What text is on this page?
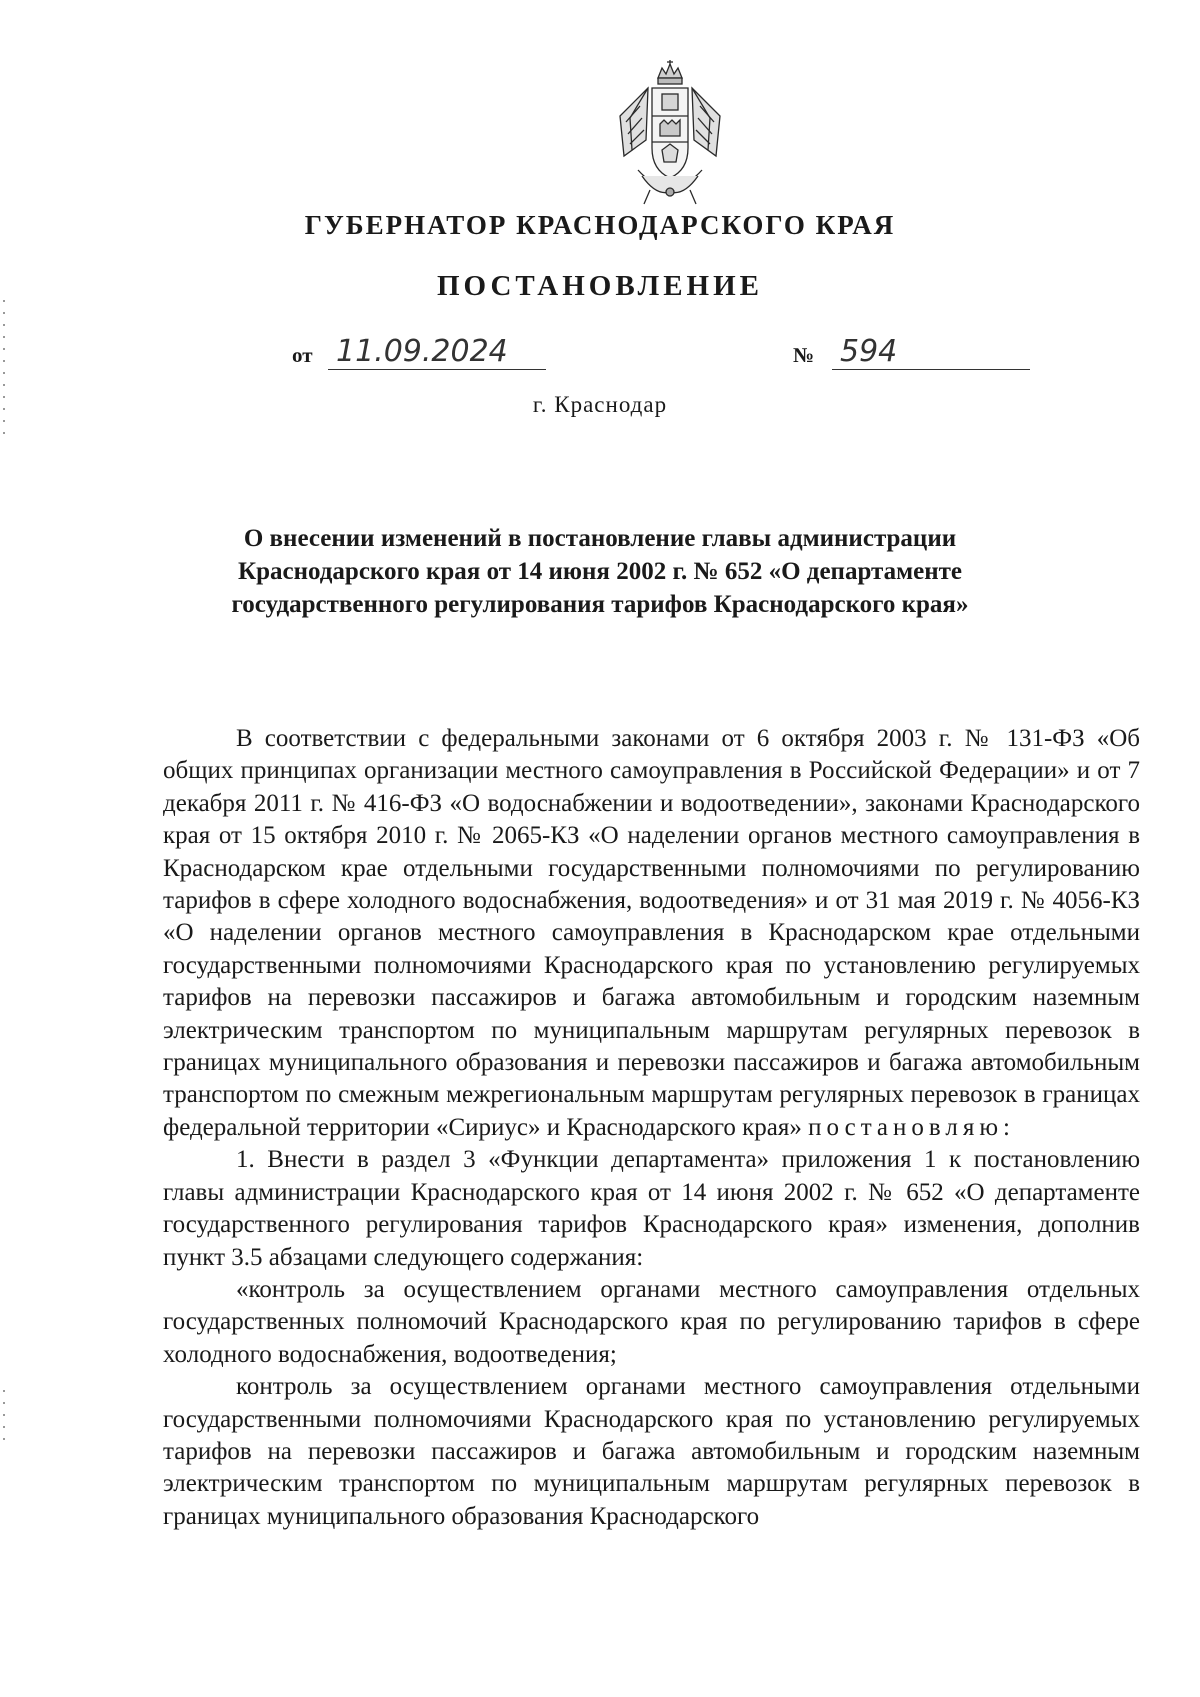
ГУБЕРНАТОР КРАСНОДАРСКОГО КРАЯ
ПОСТАНОВЛЕНИЕ
от 11.09.2024	№ 594

г. Краснодар

О внесении изменений в постановление главы администрации Краснодарского края от 14 июня 2002 г. № 652 «О департаменте государственного регулирования тарифов Краснодарского края»

В соответствии с федеральными законами от 6 октября 2003 г. № 131-ФЗ «Об общих принципах организации местного самоуправления в Российской Федерации» и от 7 декабря 2011 г. № 416-ФЗ «О водоснабжении и водоотведении», законами Краснодарского края от 15 октября 2010 г. № 2065-КЗ «О наделении органов местного самоуправления в Краснодарском крае отдельными государственными полномочиями по регулированию тарифов в сфере холодного водоснабжения, водоотведения» и от 31 мая 2019 г. № 4056-КЗ «О наделении органов местного самоуправления в Краснодарском крае отдельными государственными полномочиями Краснодарского края по установлению регулируемых тарифов на перевозки пассажиров и багажа автомобильным и городским наземным электрическим транспортом по муниципальным маршрутам регулярных перевозок в границах муниципального образования и перевозки пассажиров и багажа автомобильным транспортом по смежным межрегиональным маршрутам регулярных перевозок в границах федеральной территории «Сириус» и Краснодарского края» постановляю:

1. Внести в раздел 3 «Функции департамента» приложения 1 к постановлению главы администрации Краснодарского края от 14 июня 2002 г. № 652 «О департаменте государственного регулирования тарифов Краснодарского края» изменения, дополнив пункт 3.5 абзацами следующего содержания:

«контроль за осуществлением органами местного самоуправления отдельных государственных полномочий Краснодарского края по регулированию тарифов в сфере холодного водоснабжения, водоотведения;

контроль за осуществлением органами местного самоуправления отдельными государственными полномочиями Краснодарского края по установлению регулируемых тарифов на перевозки пассажиров и багажа автомобильным и городским наземным электрическим транспортом по муниципальным маршрутам регулярных перевозок в границах муниципального образования Краснодарского
